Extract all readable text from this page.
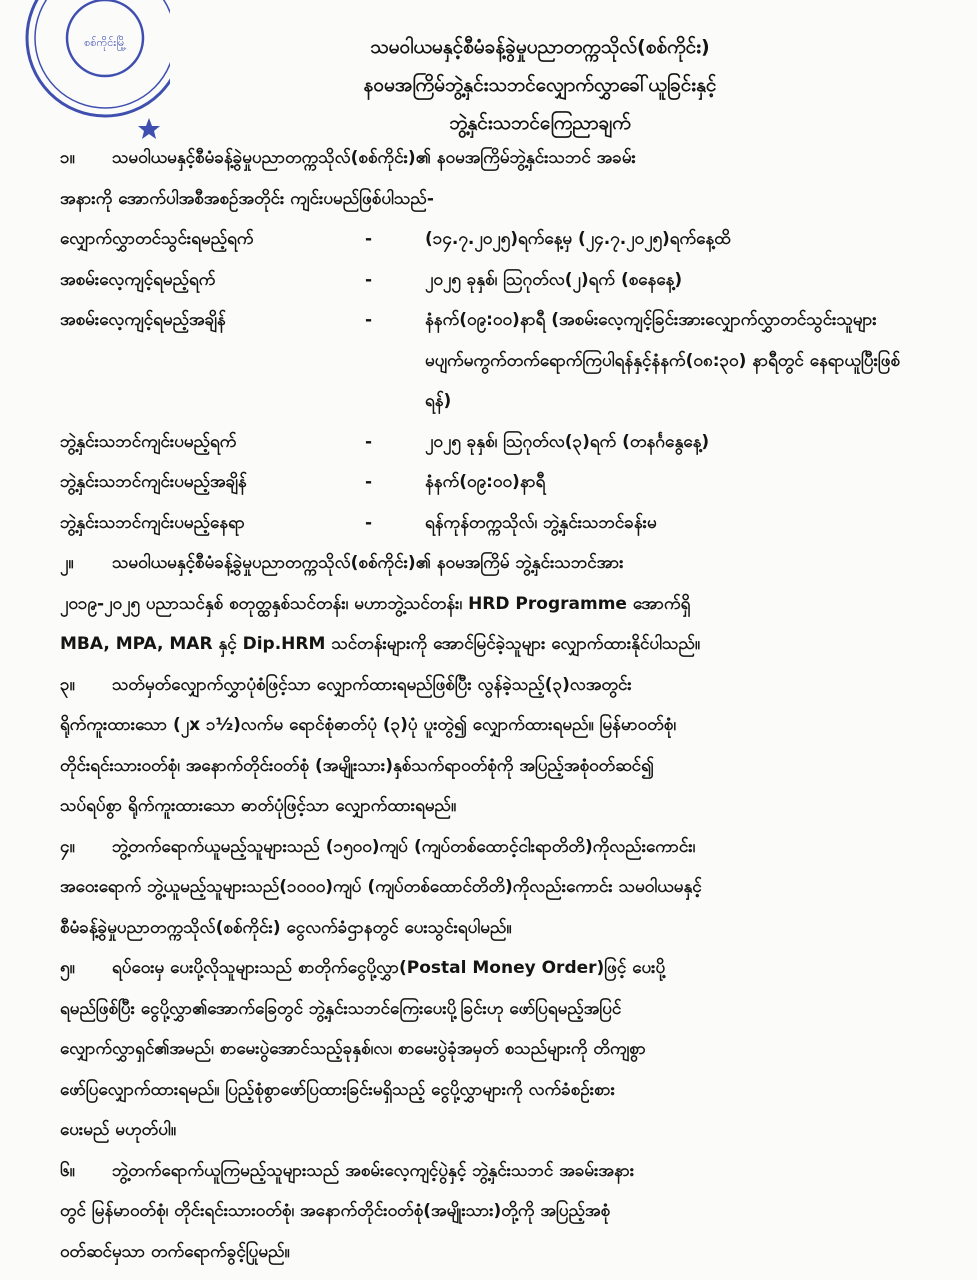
စစ်ကိုင်းမြို့	သမဝါယမနှင့်စီမံခန့်ခွဲမှုပညာတက္ကသိုလ်(စစ်ကိုင်း)
နဝမအကြိမ်ဘွဲ့နှင်းသဘင်လျှောက်လွှာခေါ်ယူခြင်းနှင့်
ဘွဲ့နှင်းသဘင်ကြေညာချက်
၁။ သမဝါယမနှင့်စီမံခန့်ခွဲမှုပညာတက္ကသိုလ်(စစ်ကိုင်း)၏ နဝမအကြိမ်ဘွဲ့နှင်းသဘင် အခမ်း
အနားကို အောက်ပါအစီအစဉ်အတိုင်း ကျင်းပမည်ဖြစ်ပါသည်-
လျှောက်လွှာတင်သွင်းရမည့်ရက်	-	(၁၄.၇.၂၀၂၅)ရက်နေ့မှ (၂၄.၇.၂၀၂၅)ရက်နေ့ထိ
အစမ်းလေ့ကျင့်ရမည့်ရက်	-	၂၀၂၅ ခုနှစ်၊ ဩဂုတ်လ(၂)ရက် (စနေနေ့)
အစမ်းလေ့ကျင့်ရမည့်အချိန်	-	နံနက်(၀၉:၀၀)နာရီ (အစမ်းလေ့ကျင့်ခြင်းအားလျှောက်လွှာတင်သွင်းသူများ မပျက်မကွက်တက်ရောက်ကြပါရန်နှင့်နံနက်(၀၈:၃၀) နာရီတွင် နေရာယူပြီးဖြစ်ရန်)
ဘွဲ့နှင်းသဘင်ကျင်းပမည့်ရက်	-	၂၀၂၅ ခုနှစ်၊ ဩဂုတ်လ(၃)ရက် (တနင်္ဂနွေနေ့)
ဘွဲ့နှင်းသဘင်ကျင်းပမည့်အချိန်	-	နံနက်(၀၉:၀၀)နာရီ
ဘွဲ့နှင်းသဘင်ကျင်းပမည့်နေရာ	-	ရန်ကုန်တက္ကသိုလ်၊ ဘွဲ့နှင်းသဘင်ခန်းမ
၂။ သမဝါယမနှင့်စီမံခန့်ခွဲမှုပညာတက္ကသိုလ်(စစ်ကိုင်း)၏ နဝမအကြိမ် ဘွဲ့နှင်းသဘင်အား
၂၀၁၉-၂၀၂၅ ပညာသင်နှစ် စတုတ္ထနှစ်သင်တန်း၊ မဟာဘွဲ့သင်တန်း၊ HRD Programme အောက်ရှိ
MBA, MPA, MAR နှင့် Dip.HRM သင်တန်းများကို အောင်မြင်ခဲ့သူများ လျှောက်ထားနိုင်ပါသည်။
၃။ သတ်မှတ်လျှောက်လွှာပုံစံဖြင့်သာ လျှောက်ထားရမည်ဖြစ်ပြီး လွန်ခဲ့သည့်(၃)လအတွင်း
ရိုက်ကူးထားသော (၂x ၁½)လက်မ ရောင်စုံဓာတ်ပုံ (၃)ပုံ ပူးတွဲ၍ လျှောက်ထားရမည်။ မြန်မာဝတ်စုံ၊
တိုင်းရင်းသားဝတ်စုံ၊ အနောက်တိုင်းဝတ်စုံ (အမျိုးသား)နှစ်သက်ရာဝတ်စုံကို အပြည့်အစုံဝတ်ဆင်၍
သပ်ရပ်စွာ ရိုက်ကူးထားသော ဓာတ်ပုံဖြင့်သာ လျှောက်ထားရမည်။
၄။ ဘွဲ့တက်ရောက်ယူမည့်သူများသည် (၁၅၀၀)ကျပ် (ကျပ်တစ်ထောင့်ငါးရာတိတိ)ကိုလည်းကောင်း၊
အဝေးရောက် ဘွဲ့ယူမည့်သူများသည်(၁၀၀၀)ကျပ် (ကျပ်တစ်ထောင်တိတိ)ကိုလည်းကောင်း သမဝါယမနှင့်
စီမံခန့်ခွဲမှုပညာတက္ကသိုလ်(စစ်ကိုင်း) ငွေလက်ခံဌာနတွင် ပေးသွင်းရပါမည်။
၅။ ရပ်ဝေးမှ ပေးပို့လိုသူများသည် စာတိုက်ငွေပို့လွှာ(Postal Money Order)ဖြင့် ပေးပို့
ရမည်ဖြစ်ပြီး ငွေပို့လွှာ၏အောက်ခြေတွင် ဘွဲ့နှင်းသဘင်ကြေးပေးပို့ခြင်းဟု ဖော်ပြရမည့်အပြင်
လျှောက်လွှာရှင်၏အမည်၊ စာမေးပွဲအောင်သည့်ခုနှစ်၊လ၊ စာမေးပွဲခုံအမှတ် စသည်များကို တိကျစွာ
ဖော်ပြလျှောက်ထားရမည်။ ပြည့်စုံစွာဖော်ပြထားခြင်းမရှိသည့် ငွေပို့လွှာများကို လက်ခံစဉ်းစား
ပေးမည် မဟုတ်ပါ။
၆။ ဘွဲ့တက်ရောက်ယူကြမည့်သူများသည် အစမ်းလေ့ကျင့်ပွဲနှင့် ဘွဲ့နှင်းသဘင် အခမ်းအနား
တွင် မြန်မာဝတ်စုံ၊ တိုင်းရင်းသားဝတ်စုံ၊ အနောက်တိုင်းဝတ်စုံ(အမျိုးသား)တို့ကို အပြည့်အစုံ
ဝတ်ဆင်မှသာ တက်ရောက်ခွင့်ပြုမည်။
